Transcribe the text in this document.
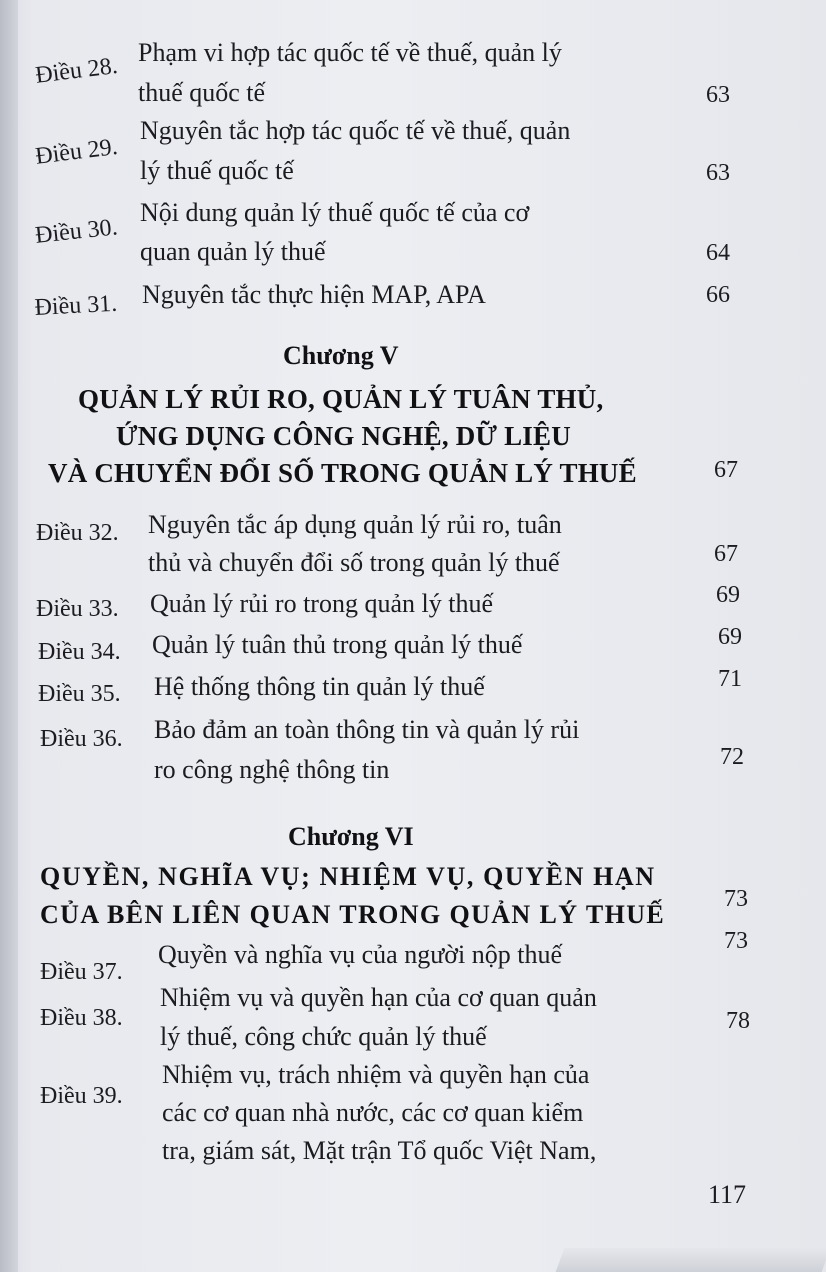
Điều 28.
Phạm vi hợp tác quốc tế về thuế, quản lý
thuế quốc tế	63
Điều 29.
Nguyên tắc hợp tác quốc tế về thuế, quản
lý thuế quốc tế	63
Điều 30.
Nội dung quản lý thuế quốc tế của cơ
quan quản lý thuế	64
Điều 31. Nguyên tắc thực hiện MAP, APA	66
Chương V
QUẢN LÝ RỦI RO, QUẢN LÝ TUÂN THỦ,
ỨNG DỤNG CÔNG NGHỆ, DỮ LIỆU
VÀ CHUYỂN ĐỔI SỐ TRONG QUẢN LÝ THUẾ	67
Điều 32. Nguyên tắc áp dụng quản lý rủi ro, tuân
thủ và chuyển đổi số trong quản lý thuế	67
Điều 33. Quản lý rủi ro trong quản lý thuế	69
Điều 34. Quản lý tuân thủ trong quản lý thuế	69
Điều 35. Hệ thống thông tin quản lý thuế	71
Điều 36. Bảo đảm an toàn thông tin và quản lý rủi
ro công nghệ thông tin	72
Chương VI
QUYỀN, NGHĨA VỤ; NHIỆM VỤ, QUYỀN HẠN
CỦA BÊN LIÊN QUAN TRONG QUẢN LÝ THUẾ
73
Điều 37.
Quyền và nghĩa vụ của người nộp thuế	73
Điều 38.
Nhiệm vụ và quyền hạn của cơ quan quản
lý thuế, công chức quản lý thuế
78
Điều 39.
Nhiệm vụ, trách nhiệm và quyền hạn của
các cơ quan nhà nước, các cơ quan kiểm
tra, giám sát, Mặt trận Tổ quốc Việt Nam,
117
